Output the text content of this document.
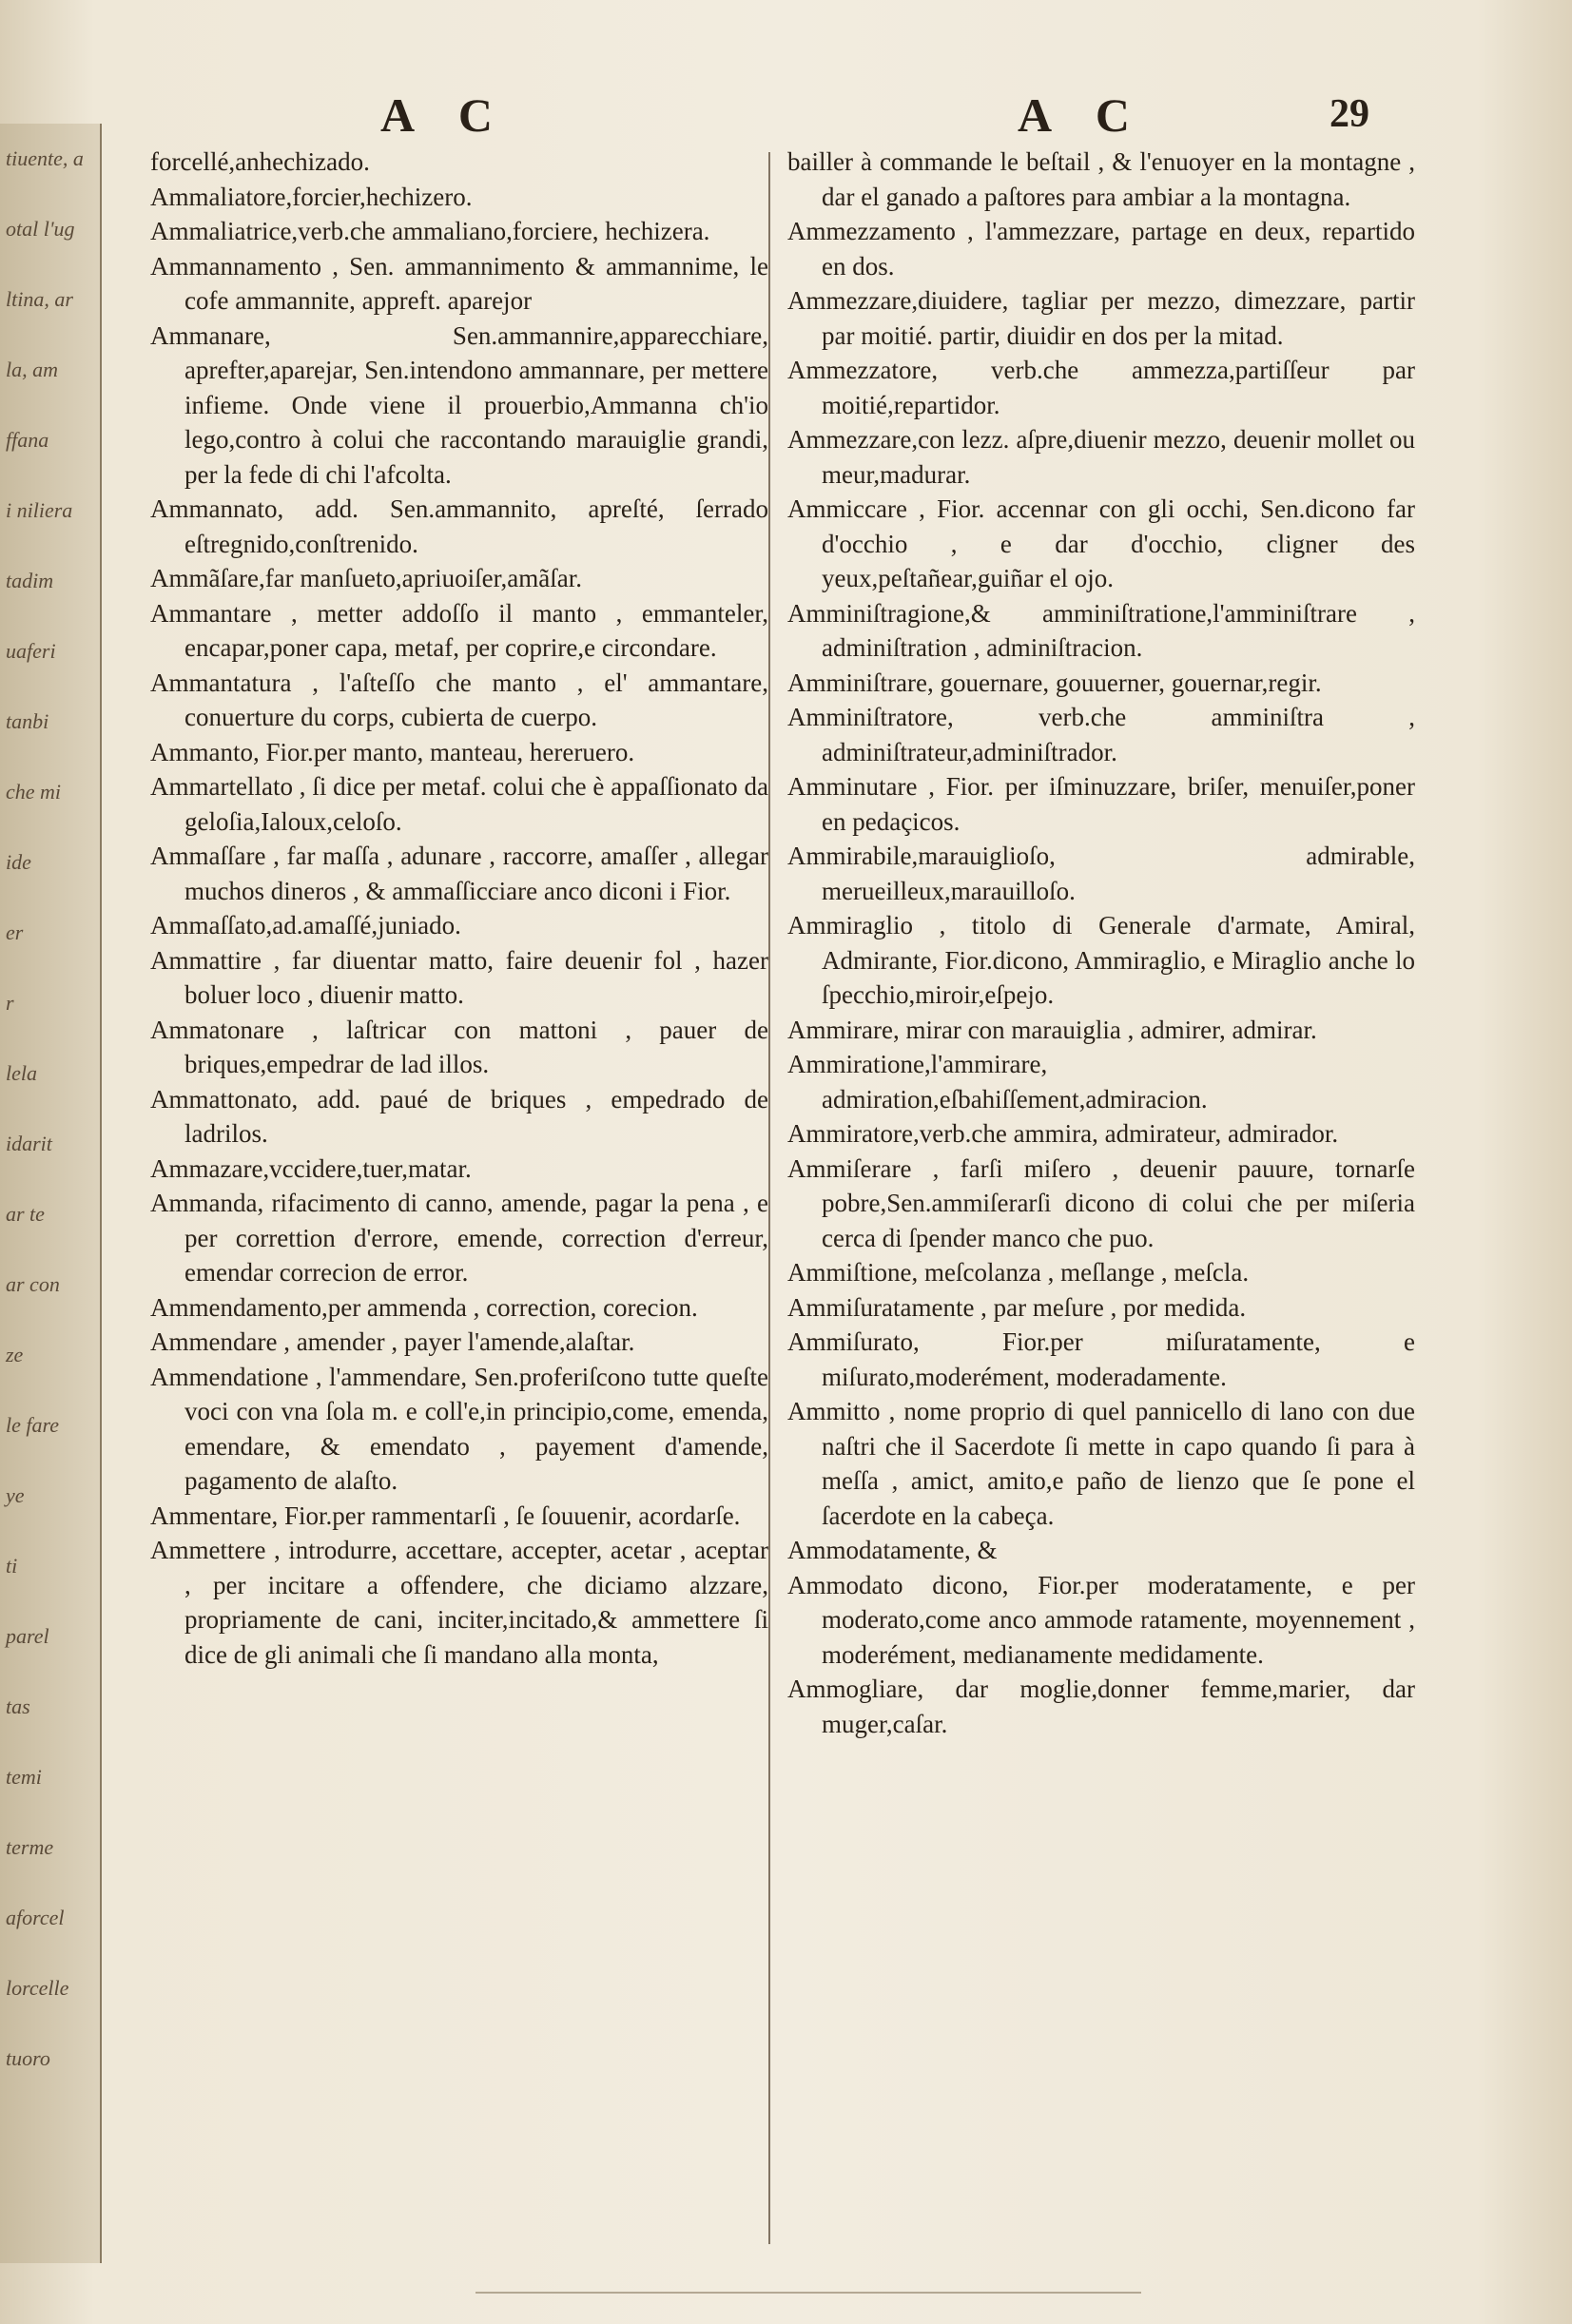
tiuente, a
otal l'ug
ltina, ar
la, am
ffana
i niliera
tadim
uaferi
tanbi
che mi
ide
er
r
lela
idarit
ar te
ar con
ze
le fare
ye
ti
parel
tas
temi
terme
aforcel
lorcelle
tuoro
A C	A C	29

forcellé,anhechizado.

Ammaliatore,forcier,hechizero.

Ammaliatrice,verb.che ammaliano,forciere, hechizera.

Ammannamento , Sen. ammannimento & ammannime, le cofe ammannite, appreft. aparejor

Ammanare, Sen.ammannire,apparecchiare, aprefter,aparejar, Sen.intendono ammannare, per mettere infieme. Onde viene il prouerbio,Ammanna ch'io lego,contro à colui che raccontando marauiglie grandi, per la fede di chi l'afcolta.

Ammannato, add. Sen.ammannito, apreſté, ſerrado eſtregnido,conſtrenido.

Ammãſare,far manſueto,apriuoiſer,amãſar.

Ammantare , metter addoſſo il manto , emmanteler, encapar,poner capa, metaf, per coprire,e circondare.

Ammantatura , l'aſteſſo che manto , el' ammantare, conuerture du corps, cubierta de cuerpo.

Ammanto, Fior.per manto, manteau, hereruero.

Ammartellato , ſi dice per metaf. colui che è appaſſionato da geloſia,Ialoux,celoſo.

Ammaſſare , far maſſa , adunare , raccorre, amaſſer , allegar muchos dineros , & ammaſſicciare anco diconi i Fior.

Ammaſſato,ad.amaſſé,juniado.

Ammattire , far diuentar matto, faire deuenir fol , hazer boluer loco , diuenir matto.

Ammatonare , laſtricar con mattoni , pauer de briques,empedrar de lad illos.

Ammattonato, add. paué de briques , empedrado de ladrilos.

Ammazare,vccidere,tuer,matar.

Ammanda, rifacimento di canno, amende, pagar la pena , e per correttion d'errore, emende, correction d'erreur, emendar correcion de error.

Ammendamento,per ammenda , correction, corecion.

Ammendare , amender , payer l'amende,alaſtar.

Ammendatione , l'ammendare, Sen.proferiſcono tutte queſte voci con vna ſola m. e coll'e,in principio,come, emenda, emendare, & emendato , payement d'amende, pagamento de alaſto.

Ammentare, Fior.per rammentarſi , ſe ſouuenir, acordarſe.

Ammettere , introdurre, accettare, accepter, acetar , aceptar , per incitare a offendere, che diciamo alzzare, propriamente de cani, inciter,incitado,& ammettere ſi dice de gli animali che ſi mandano alla monta,

bailler à commande le beſtail , & l'enuoyer en la montagne , dar el ganado a paſtores para ambiar a la montagna.

Ammezzamento , l'ammezzare, partage en deux, repartido en dos.

Ammezzare,diuidere, tagliar per mezzo, dimezzare, partir par moitié. partir, diuidir en dos per la mitad.

Ammezzatore, verb.che ammezza,partiſſeur par moitié,repartidor.

Ammezzare,con lezz. aſpre,diuenir mezzo, deuenir mollet ou meur,madurar.

Ammiccare , Fior. accennar con gli occhi, Sen.dicono far d'occhio , e dar d'occhio, cligner des yeux,peſtañear,guiñar el ojo.

Amminiſtragione,& amminiſtratione,l'amminiſtrare , adminiſtration , adminiſtracion.

Amminiſtrare, gouernare, gouuerner, gouernar,regir.

Amminiſtratore, verb.che amminiſtra , adminiſtrateur,adminiſtrador.

Amminutare , Fior. per iſminuzzare, briſer, menuiſer,poner en pedaçicos.

Ammirabile,marauiglioſo, admirable, merueilleux,marauilloſo.

Ammiraglio , titolo di Generale d'armate, Amiral, Admirante, Fior.dicono, Ammiraglio, e Miraglio anche lo ſpecchio,miroir,eſpejo.

Ammirare, mirar con marauiglia , admirer, admirar.

Ammiratione,l'ammirare, admiration,eſbahiſſement,admiracion.

Ammiratore,verb.che ammira, admirateur, admirador.

Ammiſerare , farſi miſero , deuenir pauure, tornarſe pobre,Sen.ammiſerarſi dicono di colui che per miſeria cerca di ſpender manco che puo.

Ammiſtione, meſcolanza , meſlange , meſcla.

Ammiſuratamente , par meſure , por medida.

Ammiſurato, Fior.per miſuratamente, e miſurato,moderément, moderadamente.

Ammitto , nome proprio di quel pannicello di lano con due naſtri che il Sacerdote ſi mette in capo quando ſi para à meſſa , amict, amito,e paño de lienzo que ſe pone el ſacerdote en la cabeça.

Ammodatamente, &

Ammodato dicono, Fior.per moderatamente, e per moderato,come anco ammode ratamente, moyennement , moderément, medianamente medidamente.

Ammogliare, dar moglie,donner femme,marier, dar muger,caſar.
